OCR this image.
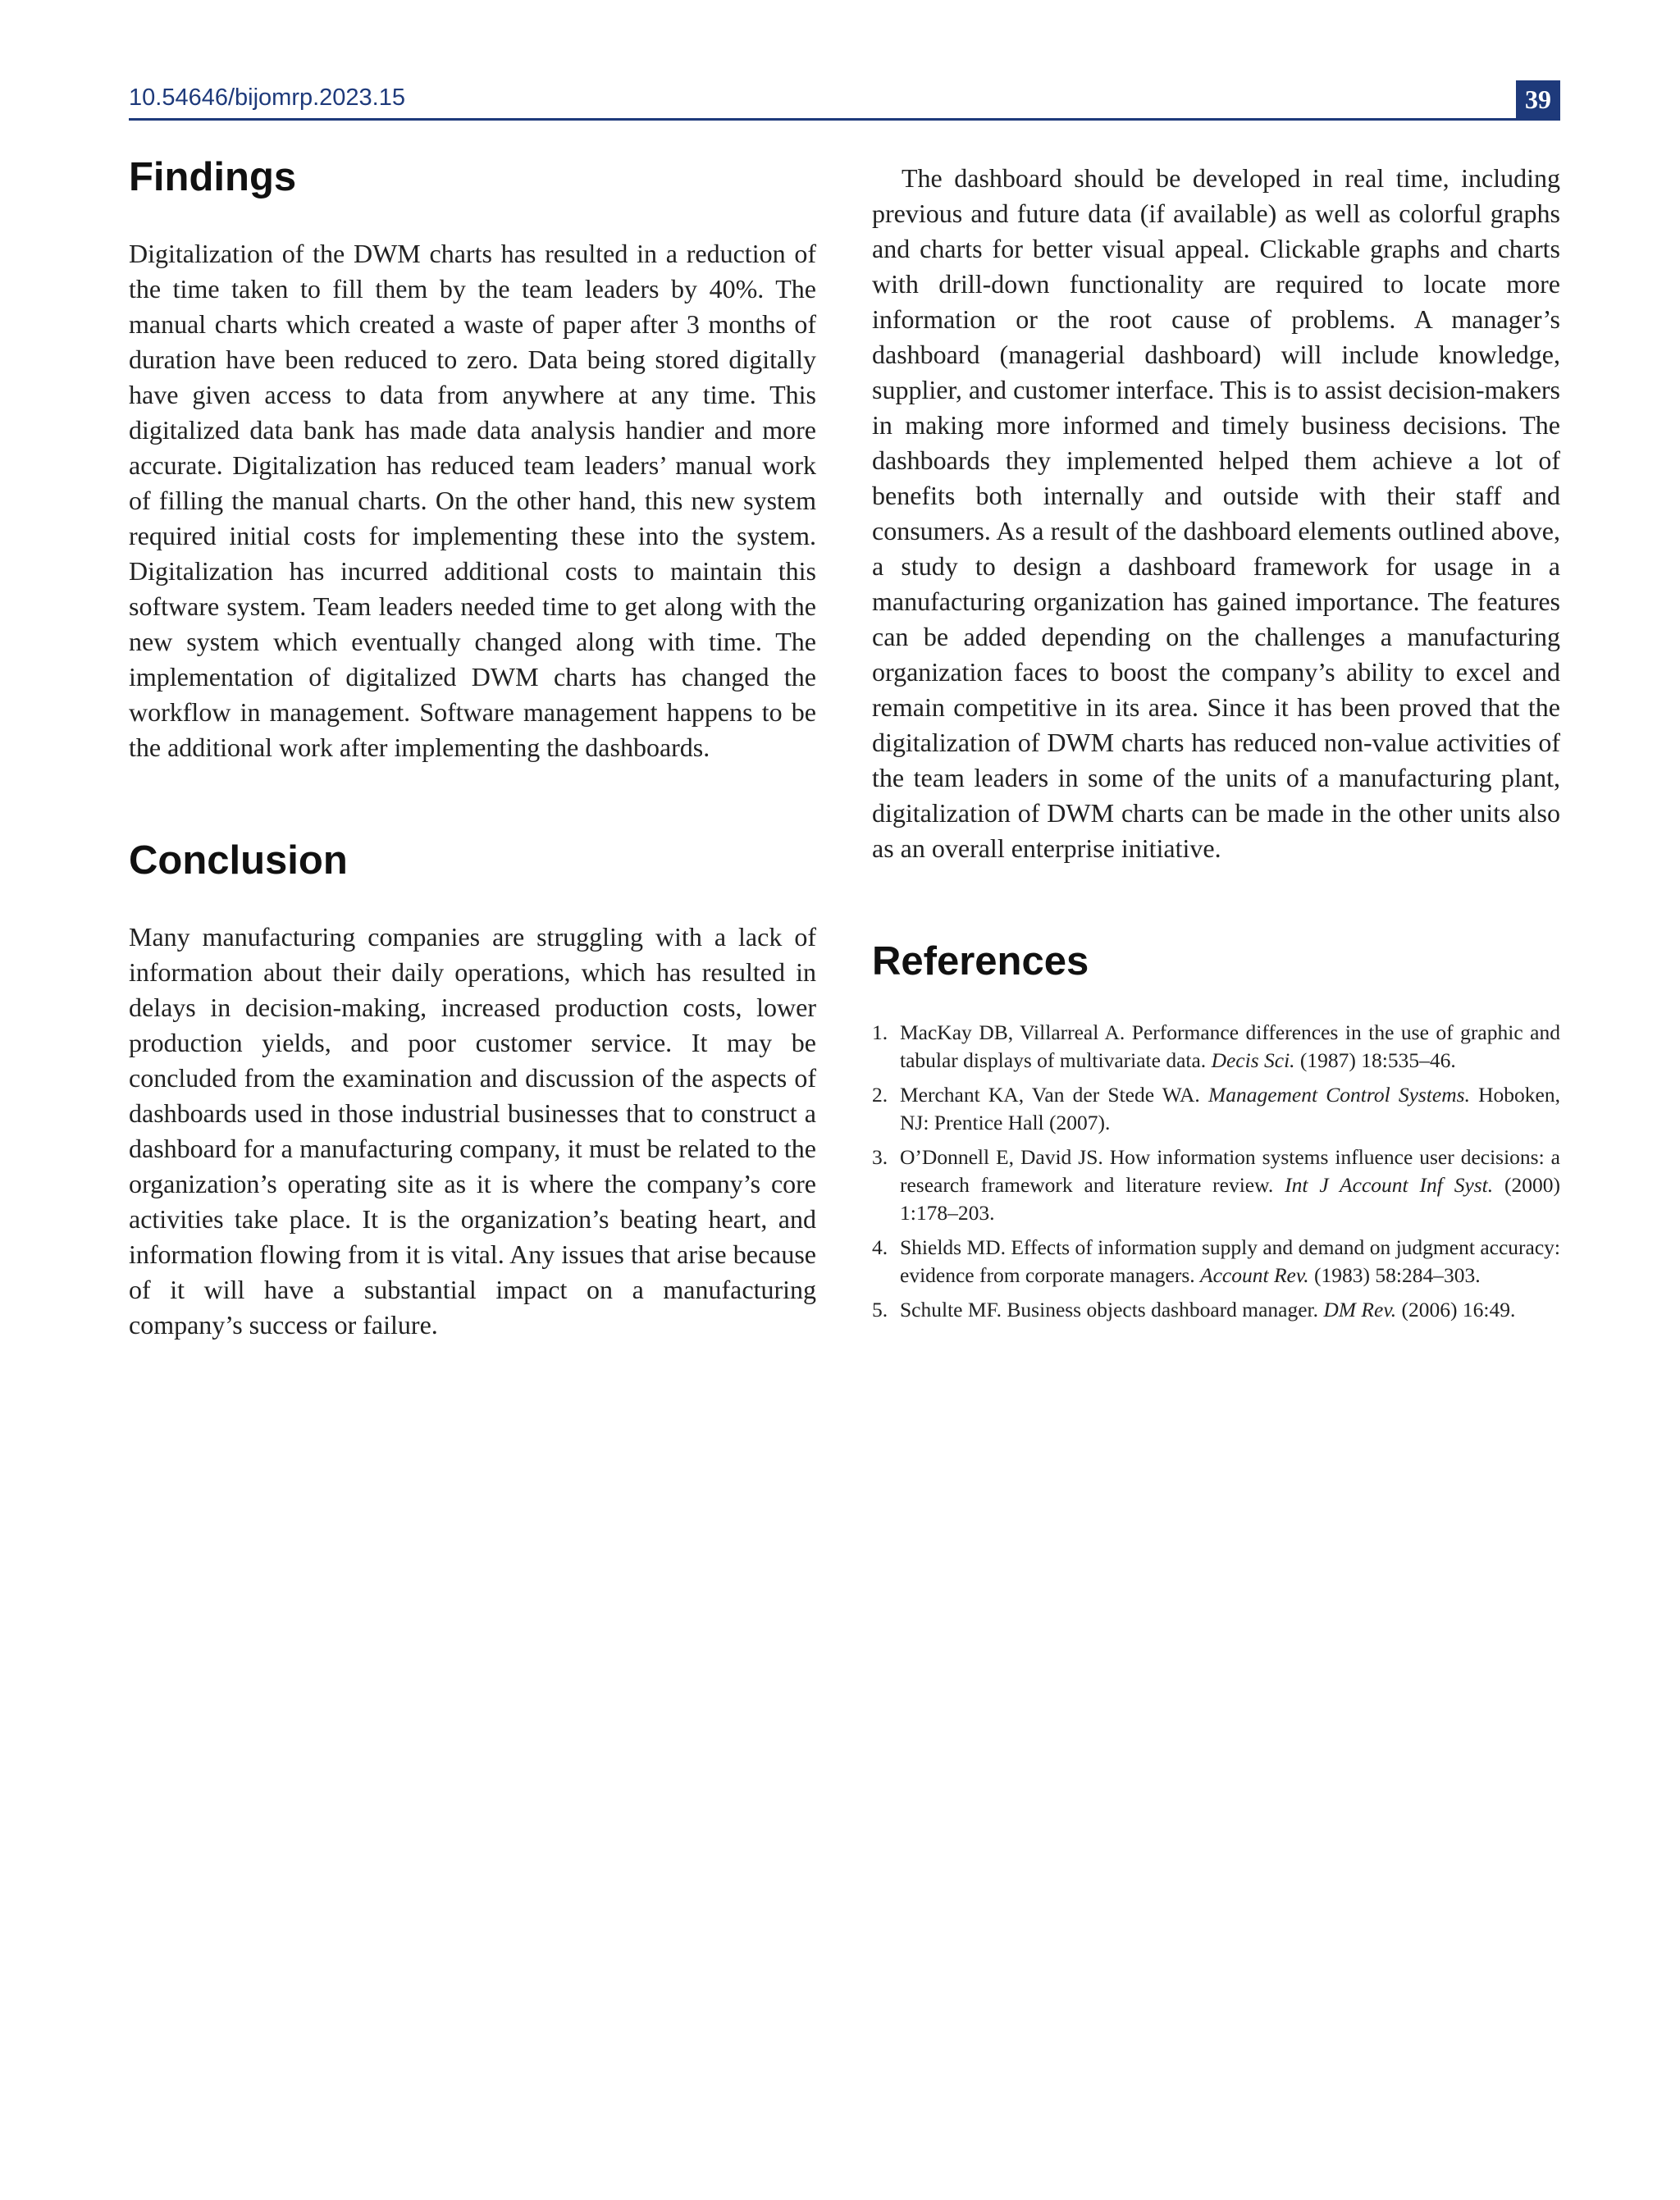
10.54646/bijomrp.2023.15	39
Findings

Digitalization of the DWM charts has resulted in a reduction of the time taken to fill them by the team leaders by 40%. The manual charts which created a waste of paper after 3 months of duration have been reduced to zero. Data being stored digitally have given access to data from anywhere at any time. This digitalized data bank has made data analysis handier and more accurate. Digitalization has reduced team leaders’ manual work of filling the manual charts. On the other hand, this new system required initial costs for implementing these into the system. Digitalization has incurred additional costs to maintain this software system. Team leaders needed time to get along with the new system which eventually changed along with time. The implementation of digitalized DWM charts has changed the workflow in management. Software management happens to be the additional work after implementing the dashboards.

Conclusion

Many manufacturing companies are struggling with a lack of information about their daily operations, which has resulted in delays in decision-making, increased production costs, lower production yields, and poor customer service. It may be concluded from the examination and discussion of the aspects of dashboards used in those industrial businesses that to construct a dashboard for a manufacturing company, it must be related to the organization’s operating site as it is where the company’s core activities take place. It is the organization’s beating heart, and information flowing from it is vital. Any issues that arise because of it will have a substantial impact on a manufacturing company’s success or failure.

The dashboard should be developed in real time, including previous and future data (if available) as well as colorful graphs and charts for better visual appeal. Clickable graphs and charts with drill-down functionality are required to locate more information or the root cause of problems. A manager’s dashboard (managerial dashboard) will include knowledge, supplier, and customer interface. This is to assist decision-makers in making more informed and timely business decisions. The dashboards they implemented helped them achieve a lot of benefits both internally and outside with their staff and consumers. As a result of the dashboard elements outlined above, a study to design a dashboard framework for usage in a manufacturing organization has gained importance. The features can be added depending on the challenges a manufacturing organization faces to boost the company’s ability to excel and remain competitive in its area. Since it has been proved that the digitalization of DWM charts has reduced non-value activities of the team leaders in some of the units of a manufacturing plant, digitalization of DWM charts can be made in the other units also as an overall enterprise initiative.

References
1. MacKay DB, Villarreal A. Performance differences in the use of graphic and tabular displays of multivariate data. Decis Sci. (1987) 18:535–46.
2. Merchant KA, Van der Stede WA. Management Control Systems. Hoboken, NJ: Prentice Hall (2007).
3. O’Donnell E, David JS. How information systems influence user decisions: a research framework and literature review. Int J Account Inf Syst. (2000) 1:178–203.
4. Shields MD. Effects of information supply and demand on judgment accuracy: evidence from corporate managers. Account Rev. (1983) 58:284–303.
5. Schulte MF. Business objects dashboard manager. DM Rev. (2006) 16:49.
